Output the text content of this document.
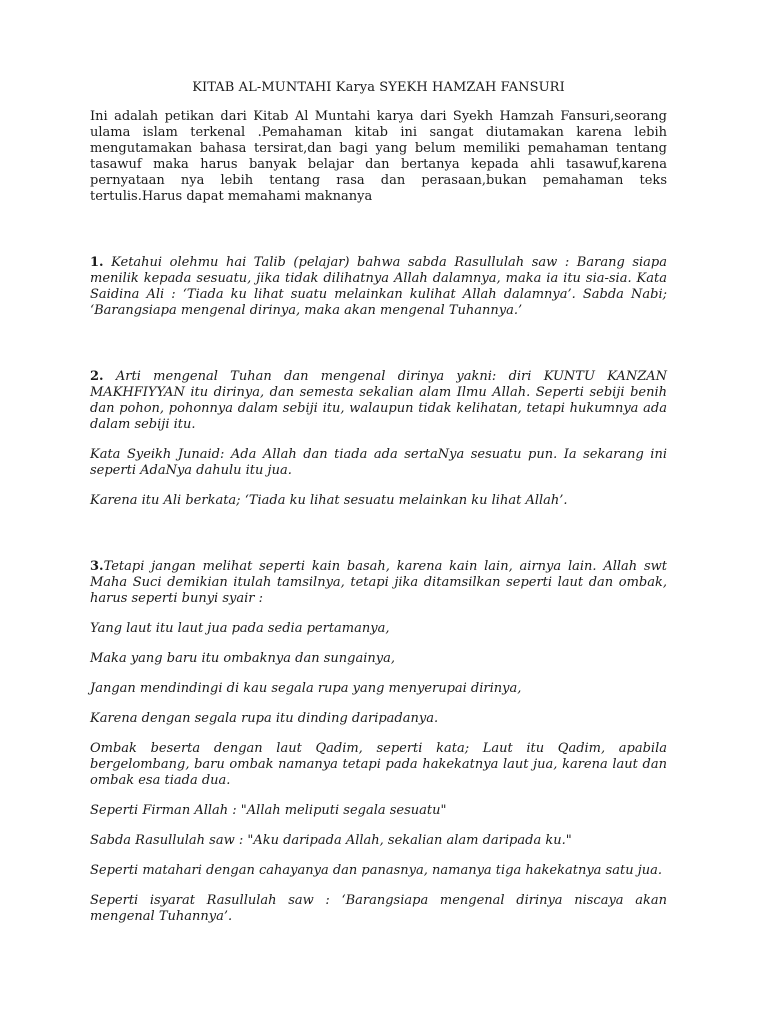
KITAB AL-MUNTAHI Karya SYEKH HAMZAH FANSURI

Ini adalah petikan dari Kitab Al Muntahi karya dari Syekh Hamzah Fansuri,seorang ulama islam terkenal .Pemahaman kitab ini sangat diutamakan karena lebih mengutamakan bahasa tersirat,dan bagi yang belum memiliki pemahaman tentang tasawuf maka harus banyak belajar dan bertanya kepada ahli tasawuf,karena pernyataan nya lebih tentang rasa dan perasaan,bukan pemahaman teks tertulis.Harus dapat memahami maknanya

1. Ketahui olehmu hai Talib (pelajar) bahwa sabda Rasullulah saw : Barang siapa menilik kepada sesuatu, jika tidak dilihatnya Allah dalamnya, maka ia itu sia-sia. Kata Saidina Ali : ‘Tiada ku lihat suatu melainkan kulihat Allah dalamnya’. Sabda Nabi; ‘Barangsiapa mengenal dirinya, maka akan mengenal Tuhannya.’

2. Arti mengenal Tuhan dan mengenal dirinya yakni: diri KUNTU KANZAN MAKHFIYYAN itu dirinya, dan semesta sekalian alam Ilmu Allah. Seperti sebiji benih dan pohon, pohonnya dalam sebiji itu, walaupun tidak kelihatan, tetapi hukumnya ada dalam sebiji itu.

Kata Syeikh Junaid: Ada Allah dan tiada ada sertaNya sesuatu pun. Ia sekarang ini seperti AdaNya dahulu itu jua.

Karena itu Ali berkata; ‘Tiada ku lihat sesuatu melainkan ku lihat Allah’.

3.Tetapi jangan melihat seperti kain basah, karena kain lain, airnya lain. Allah swt Maha Suci demikian itulah tamsilnya, tetapi jika ditamsilkan seperti laut dan ombak, harus seperti bunyi syair :

Yang laut itu laut jua pada sedia pertamanya,

Maka yang baru itu ombaknya dan sungainya,

Jangan mendindingi di kau segala rupa yang menyerupai dirinya,

Karena dengan segala rupa itu dinding daripadanya.

Ombak beserta dengan laut Qadim, seperti kata; Laut itu Qadim, apabila bergelombang, baru ombak namanya tetapi pada hakekatnya laut jua, karena laut dan ombak esa tiada dua.

Seperti Firman Allah : "Allah meliputi segala sesuatu"

Sabda Rasullulah saw : "Aku daripada Allah, sekalian alam daripada ku."

Seperti matahari dengan cahayanya dan panasnya, namanya tiga hakekatnya satu jua.

Seperti isyarat Rasullulah saw : ‘Barangsiapa mengenal dirinya niscaya akan mengenal Tuhannya’.
